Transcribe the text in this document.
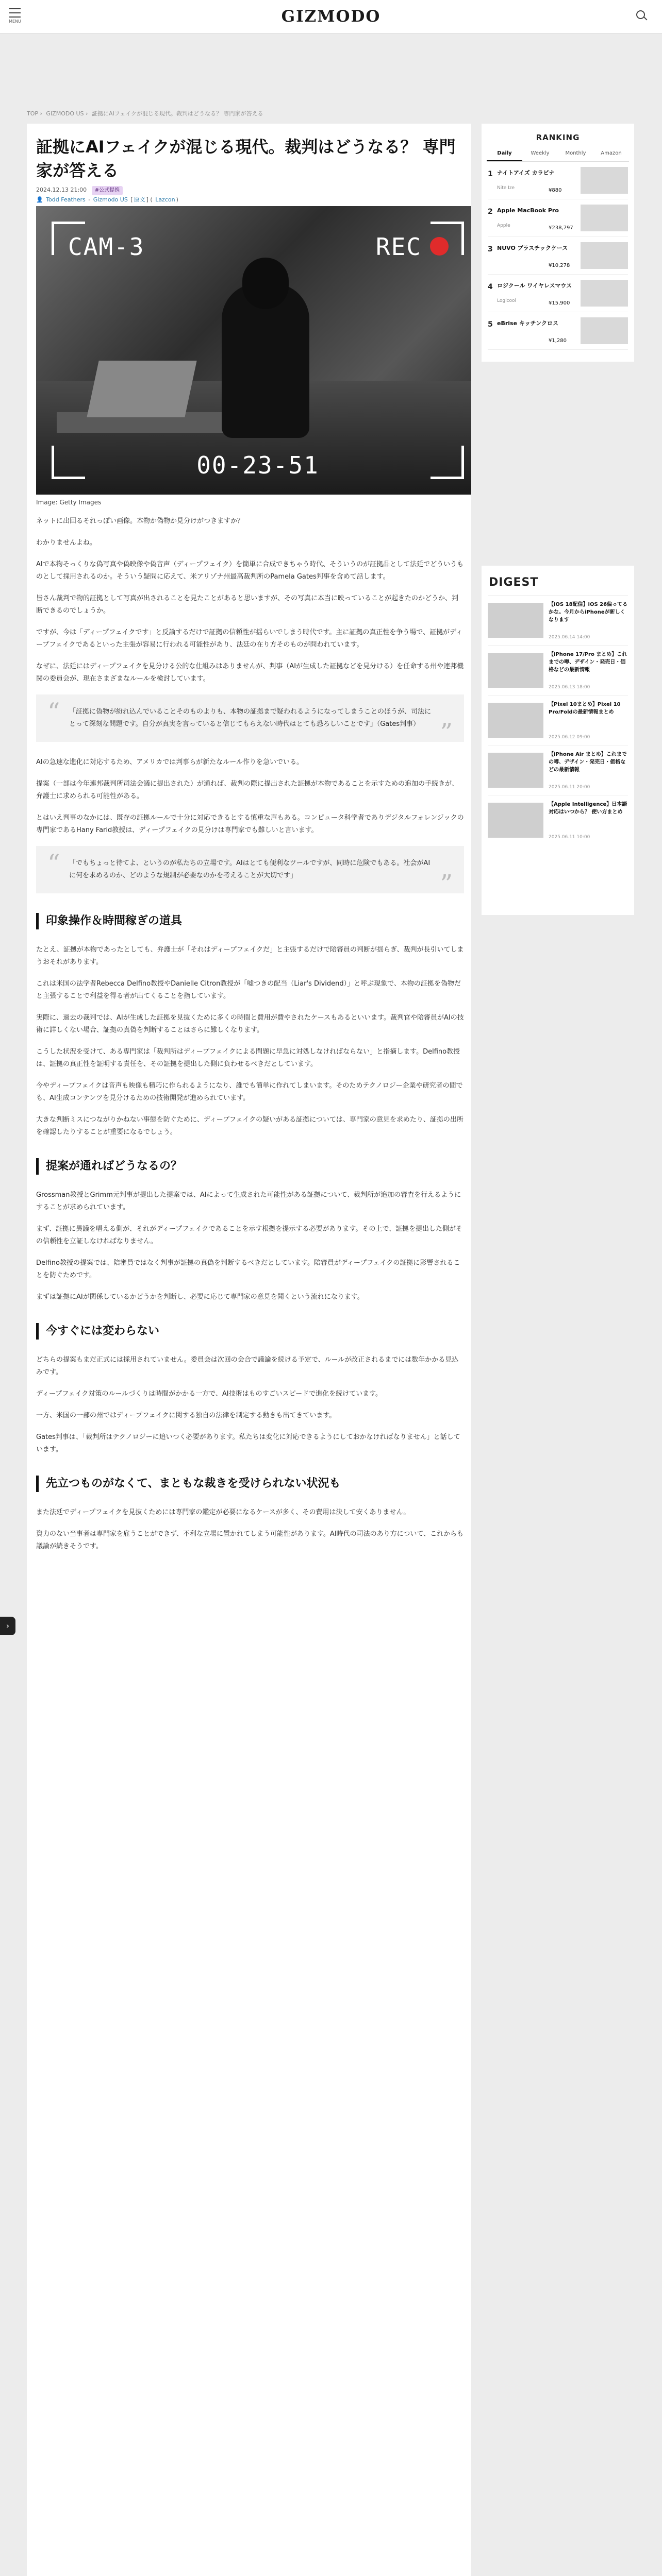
MENU	GIZMODO
TOP › GIZMODO US › 証拠にAIフェイクが混じる現代。裁判はどうなる？ 専門家が答える
証拠にAIフェイクが混じる現代。裁判はどうなる？ 専門家が答える
2024.12.13 21:00 #公式提携
👤 Todd Feathers - Gizmodo US [ 原文 ] ( Lazcon )
CAM-3	REC
00-23-51
Image: Getty Images

ネットに出回るそれっぽい画像。本物か偽物か見分けがつきますか？

わかりませんよね。

AIで本物そっくりな偽写真や偽映像や偽音声（ディープフェイク）を簡単に合成できちゃう時代、そういうのが証拠品として法廷でどういうものとして採用されるのか。そういう疑問に応えて、米アリゾナ州最高裁判所のPamela Gates判事を含めて話します。

皆さん裁判で物的証拠として写真が出されることを見たことがあると思いますが、その写真に本当に映っていることが起きたのかどうか、判断できるのでしょうか。

ですが、今は「ディープフェイクです」と反論するだけで証拠の信頼性が揺らいでしまう時代です。主に証拠の真正性を争う場で、証拠がディープフェイクであるといった主張が容易に行われる可能性があり、法廷の在り方そのものが問われています。

なぜに、法廷にはディープフェイクを見分ける公的な仕組みはありませんが、判事（AIが生成した証拠などを見分ける）を任命する州や連邦機関の委員会が、現在さまざまなルールを検討しています。

“ 「証拠に偽物が紛れ込んでいることそのものよりも、本物の証拠まで疑われるようになってしまうことのほうが、司法にとって深刻な問題です。自分が真実を言っていると信じてもらえない時代はとても恐ろしいことです」（Gates判事） ”

AIの急速な進化に対応するため、アメリカでは判事らが新たなルール作りを急いでいる。

提案（一部は今年連邦裁判所司法会議に提出された）が通れば、裁判の際に提出された証拠が本物であることを示すための追加の手続きが、弁護士に求められる可能性がある。

とはいえ判事のなかには、既存の証拠ルールで十分に対応できるとする慎重な声もある。コンピュータ科学者でありデジタルフォレンジックの専門家であるHany Farid教授は、ディープフェイクの見分けは専門家でも難しいと言います。

“ 「でもちょっと待てよ、というのが私たちの立場です。AIはとても便利なツールですが、同時に危険でもある。社会がAIに何を求めるのか、どのような規制が必要なのかを考えることが大切です」	”
印象操作＆時間稼ぎの道具

たとえ、証拠が本物であったとしても、弁護士が「それはディープフェイクだ」と主張するだけで陪審員の判断が揺らぎ、裁判が長引いてしまうおそれがあります。

これは米国の法学者Rebecca Delfino教授やDanielle Citron教授が「嘘つきの配当（Liar's Dividend）」と呼ぶ現象で、本物の証拠を偽物だと主張することで利益を得る者が出てくることを指しています。

実際に、過去の裁判では、AIが生成した証拠を見抜くために多くの時間と費用が費やされたケースもあるといいます。裁判官や陪審員がAIの技術に詳しくない場合、証拠の真偽を判断することはさらに難しくなります。

こうした状況を受けて、ある専門家は「裁判所はディープフェイクによる問題に早急に対処しなければならない」と指摘します。Delfino教授は、証拠の真正性を証明する責任を、その証拠を提出した側に負わせるべきだとしています。

今やディープフェイクは音声も映像も精巧に作られるようになり、誰でも簡単に作れてしまいます。そのためテクノロジー企業や研究者の間でも、AI生成コンテンツを見分けるための技術開発が進められています。

大きな判断ミスにつながりかねない事態を防ぐために、ディープフェイクの疑いがある証拠については、専門家の意見を求めたり、証拠の出所を確認したりすることが重要になるでしょう。

提案が通ればどうなるの？

Grossman教授とGrimm元判事が提出した提案では、AIによって生成された可能性がある証拠について、裁判所が追加の審査を行えるようにすることが求められています。

まず、証拠に異議を唱える側が、それがディープフェイクであることを示す根拠を提示する必要があります。その上で、証拠を提出した側がその信頼性を立証しなければなりません。

Delfino教授の提案では、陪審員ではなく判事が証拠の真偽を判断するべきだとしています。陪審員がディープフェイクの証拠に影響されることを防ぐためです。

まずは証拠にAIが関係しているかどうかを判断し、必要に応じて専門家の意見を聞くという流れになります。

今すぐには変わらない

どちらの提案もまだ正式には採用されていません。委員会は次回の会合で議論を続ける予定で、ルールが改正されるまでには数年かかる見込みです。

ディープフェイク対策のルールづくりは時間がかかる一方で、AI技術はものすごいスピードで進化を続けています。

一方、米国の一部の州ではディープフェイクに関する独自の法律を制定する動きも出てきています。

Gates判事は、「裁判所はテクノロジーに追いつく必要があります。私たちは変化に対応できるようにしておかなければなりません」と話しています。

先立つものがなくて、まともな裁きを受けられない状況も

また法廷でディープフェイクを見抜くためには専門家の鑑定が必要になるケースが多く、その費用は決して安くありません。

資力のない当事者は専門家を雇うことができず、不利な立場に置かれてしまう可能性があります。AI時代の司法のあり方について、これからも議論が続きそうです。

RANKING
Daily	Weekly	Monthly	Amazon
1 ナイトアイズ カラビナ
Nite Ize	¥880
2 Apple MacBook Pro
Apple	¥238,797
3 NUVO プラスチックケース
¥10,278
4 ロジクール ワイヤレスマウス
Logicool	¥15,900
5 eBrise キッチンクロス
¥1,280
DIGEST
【iOS 18配信】iOS 26偏ってるかな。今月からiPhoneが新しくなります
2025.06.14 14:00
【iPhone 17/Pro まとめ】これまでの噂、デザイン・発売日・価格などの最新情報
2025.06.13 18:00
【Pixel 10まとめ】Pixel 10 Pro/Foldの最新情報まとめ
2025.06.12 09:00
【iPhone Air まとめ】これまでの噂、デザイン・発売日・価格などの最新情報
2025.06.11 20:00
【Apple Intelligence】日本語対応はいつから？ 使い方まとめ
2025.06.11 10:00
›
